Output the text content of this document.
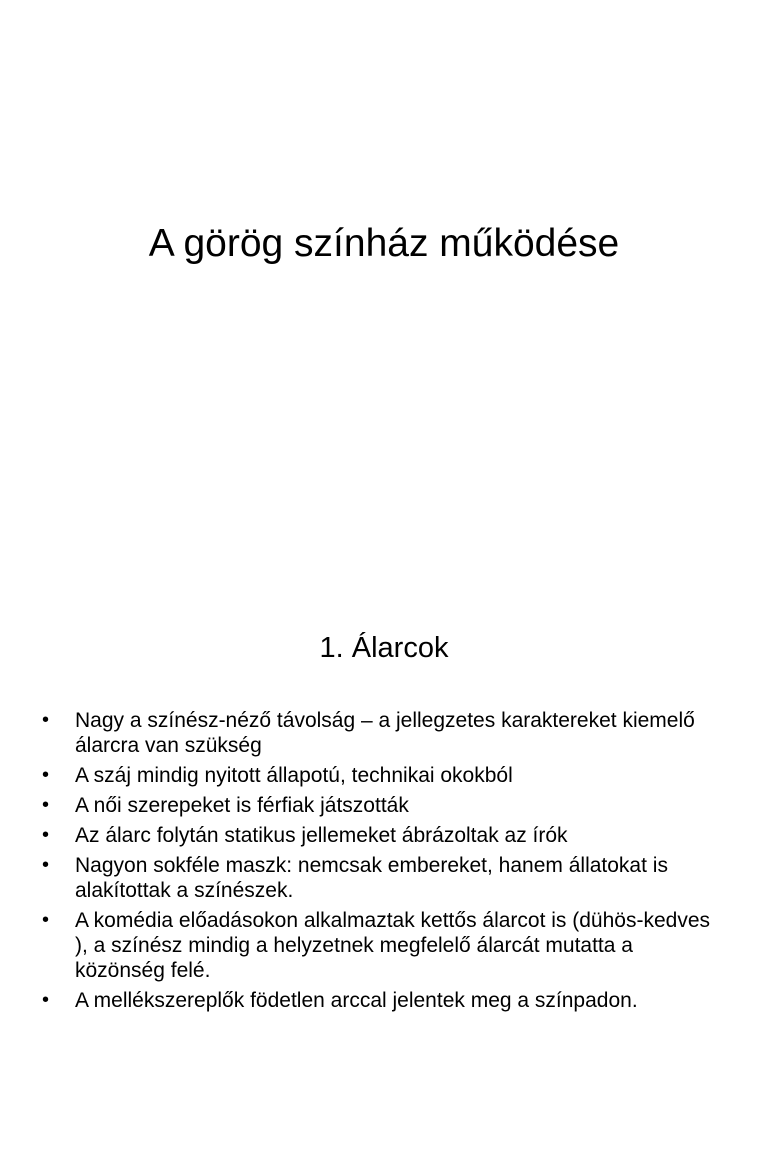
A görög színház működése
1. Álarcok
• Nagy a színész-néző távolság – a jellegzetes karaktereket kiemelő álarcra van szükség
• A száj mindig nyitott állapotú, technikai okokból
• A női szerepeket is férfiak játszották
• Az álarc folytán statikus jellemeket ábrázoltak az írók
• Nagyon sokféle maszk: nemcsak embereket, hanem állatokat is alakítottak a színészek.
• A komédia előadásokon alkalmaztak kettős álarcot is (dühös-kedves ), a színész mindig a helyzetnek megfelelő álarcát mutatta a közönség felé.
• A mellékszereplők födetlen arccal jelentek meg a színpadon.
